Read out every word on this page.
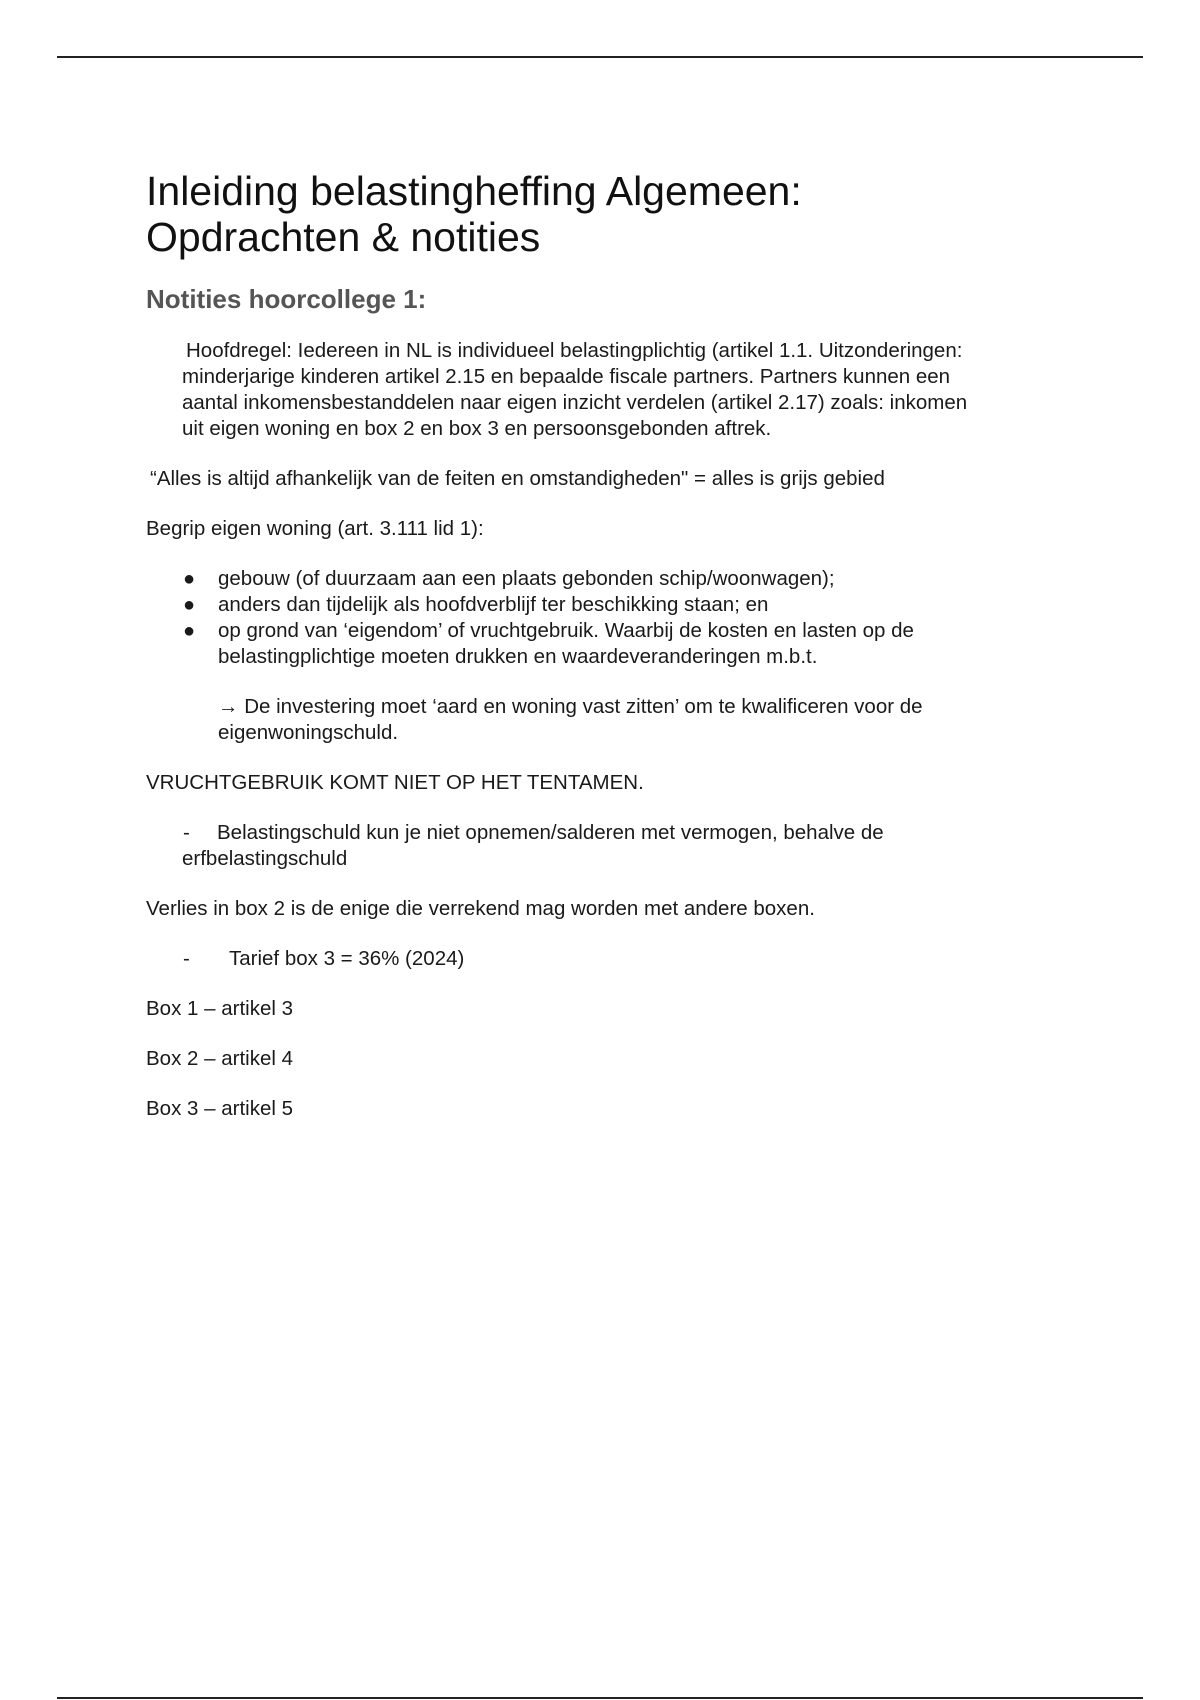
Inleiding belastingheffing Algemeen:
Opdrachten & notities
Notities hoorcollege 1:
Hoofdregel: Iedereen in NL is individueel belastingplichtig (artikel 1.1. Uitzonderingen:
minderjarige kinderen artikel 2.15 en bepaalde fiscale partners. Partners kunnen een
aantal inkomensbestanddelen naar eigen inzicht verdelen (artikel 2.17) zoals: inkomen
uit eigen woning en box 2 en box 3 en persoonsgebonden aftrek.

“Alles is altijd afhankelijk van de feiten en omstandigheden" = alles is grijs gebied

Begrip eigen woning (art. 3.111 lid 1):

● gebouw (of duurzaam aan een plaats gebonden schip/woonwagen);
● anders dan tijdelijk als hoofdverblijf ter beschikking staan; en
● op grond van ‘eigendom’ of vruchtgebruik. Waarbij de kosten en lasten op de belastingplichtige moeten drukken en waardeveranderingen m.b.t.
→ De investering moet ‘aard en woning vast zitten’ om te kwalificeren voor de
eigenwoningschuld.

VRUCHTGEBRUIK KOMT NIET OP HET TENTAMEN.

- Belastingschuld kun je niet opnemen/salderen met vermogen, behalve de
erfbelastingschuld

Verlies in box 2 is de enige die verrekend mag worden met andere boxen.

- Tarief box 3 = 36% (2024)

Box 1 – artikel 3

Box 2 – artikel 4

Box 3 – artikel 5
